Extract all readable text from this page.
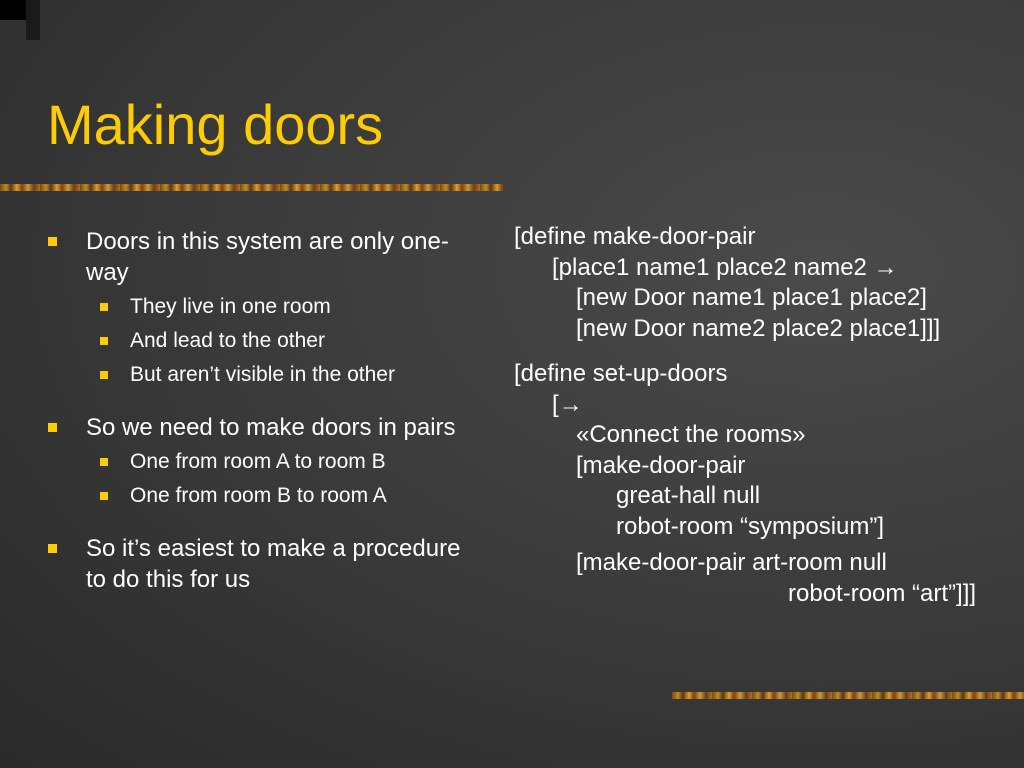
Making doors
Doors in this system are only one-way
They live in one room
And lead to the other
But aren’t visible in the other
So we need to make doors in pairs
One from room A to room B
One from room B to room A
So it’s easiest to make a procedure to do this for us
[define make-door-pair
[place1 name1 place2 name2 →
[new Door name1 place1 place2]
[new Door name2 place2 place1]]]
[define set-up-doors
[→
«Connect the rooms»
[make-door-pair
great-hall null
robot-room “symposium”]
[make-door-pair art-room null
robot-room “art”]]]
